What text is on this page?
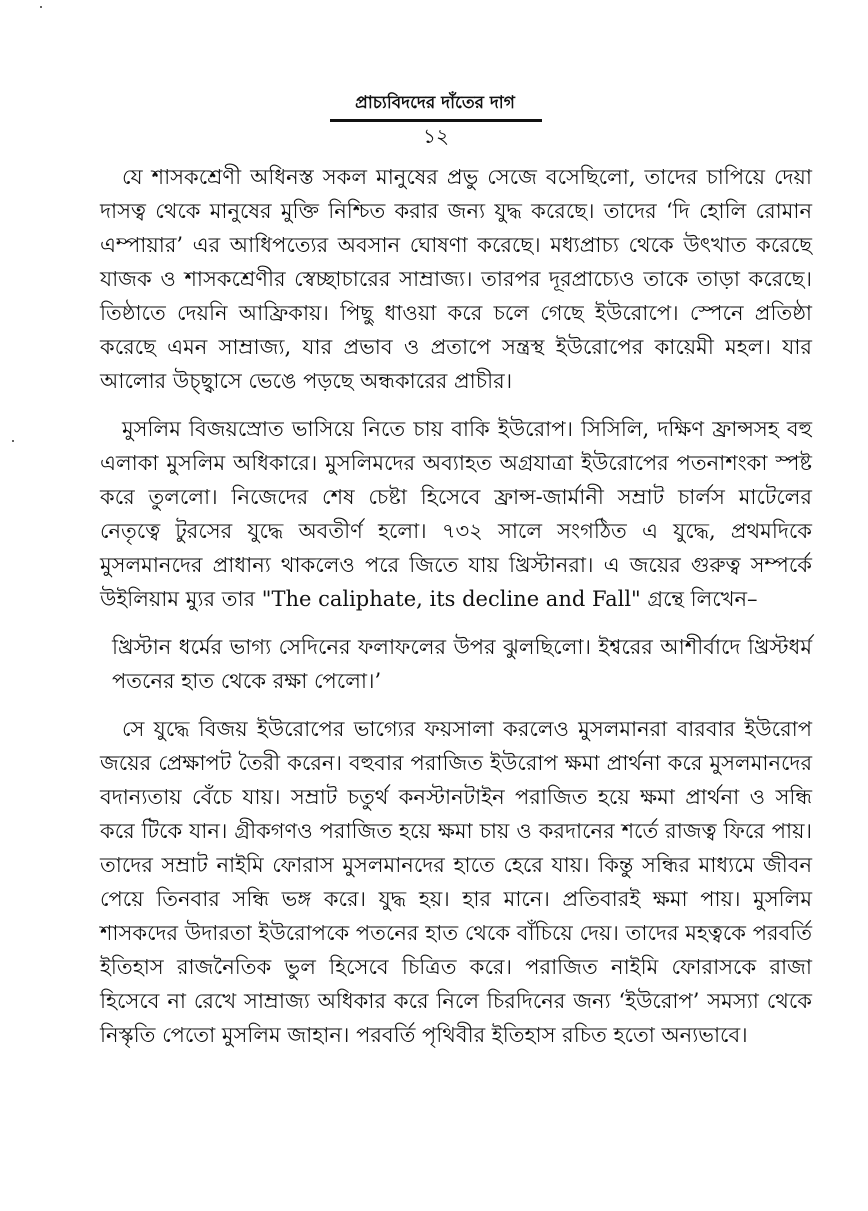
প্রাচ্যবিদদের দাঁতের দাগ
১২

যে শাসকশ্রেণী অধিনস্ত সকল মানুষের প্রভু সেজে বসেছিলো, তাদের চাপিয়ে দেয়া দাসত্ব থেকে মানুষের মুক্তি নিশ্চিত করার জন্য যুদ্ধ করেছে। তাদের ‘দি হোলি রোমান এম্পায়ার’ এর আধিপত্যের অবসান ঘোষণা করেছে। মধ্যপ্রাচ্য থেকে উৎখাত করেছে যাজক ও শাসকশ্রেণীর স্বেচ্ছাচারের সাম্রাজ্য। তারপর দূরপ্রাচ্যেও তাকে তাড়া করেছে। তিষ্ঠাতে দেয়নি আফ্রিকায়। পিছু ধাওয়া করে চলে গেছে ইউরোপে। স্পেনে প্রতিষ্ঠা করেছে এমন সাম্রাজ্য, যার প্রভাব ও প্রতাপে সন্ত্রস্থ ইউরোপের কায়েমী মহল। যার আলোর উচ্ছ্বাসে ভেঙে পড়ছে অন্ধকারের প্রাচীর।

মুসলিম বিজয়স্রোত ভাসিয়ে নিতে চায় বাকি ইউরোপ। সিসিলি, দক্ষিণ ফ্রান্সসহ বহু এলাকা মুসলিম অধিকারে। মুসলিমদের অব্যাহত অগ্রযাত্রা ইউরোপের পতনাশংকা স্পষ্ট করে তুললো। নিজেদের শেষ চেষ্টা হিসেবে ফ্রান্স-জার্মানী সম্রাট চার্লস মাটেলের নেতৃত্বে টুরসের যুদ্ধে অবতীর্ণ হলো। ৭৩২ সালে সংগঠিত এ যুদ্ধে, প্রথমদিকে মুসলমানদের প্রাধান্য থাকলেও পরে জিতে যায় খ্রিস্টানরা। এ জয়ের গুরুত্ব সম্পর্কে উইলিয়াম ম্যুর তার "The caliphate, its decline and Fall" গ্রন্থে লিখেন–

খ্রিস্টান ধর্মের ভাগ্য সেদিনের ফলাফলের উপর ঝুলছিলো। ইশ্বরের আশীর্বাদে খ্রিস্টধর্ম পতনের হাত থেকে রক্ষা পেলো।’

সে যুদ্ধে বিজয় ইউরোপের ভাগ্যের ফয়সালা করলেও মুসলমানরা বারবার ইউরোপ জয়ের প্রেক্ষাপট তৈরী করেন। বহুবার পরাজিত ইউরোপ ক্ষমা প্রার্থনা করে মুসলমানদের বদান্যতায় বেঁচে যায়। সম্রাট চতুর্থ কনস্টানটাইন পরাজিত হয়ে ক্ষমা প্রার্থনা ও সন্ধি করে টিকে যান। গ্রীকগণও পরাজিত হয়ে ক্ষমা চায় ও করদানের শর্তে রাজত্ব ফিরে পায়। তাদের সম্রাট নাইমি ফোরাস মুসলমানদের হাতে হেরে যায়। কিন্তু সন্ধির মাধ্যমে জীবন পেয়ে তিনবার সন্ধি ভঙ্গ করে। যুদ্ধ হয়। হার মানে। প্রতিবারই ক্ষমা পায়। মুসলিম শাসকদের উদারতা ইউরোপকে পতনের হাত থেকে বাঁচিয়ে দেয়। তাদের মহত্বকে পরবর্তি ইতিহাস রাজনৈতিক ভুল হিসেবে চিত্রিত করে। পরাজিত নাইমি ফোরাসকে রাজা হিসেবে না রেখে সাম্রাজ্য অধিকার করে নিলে চিরদিনের জন্য ‘ইউরোপ’ সমস্যা থেকে নিস্কৃতি পেতো মুসলিম জাহান। পরবর্তি পৃথিবীর ইতিহাস রচিত হতো অন্যভাবে।
